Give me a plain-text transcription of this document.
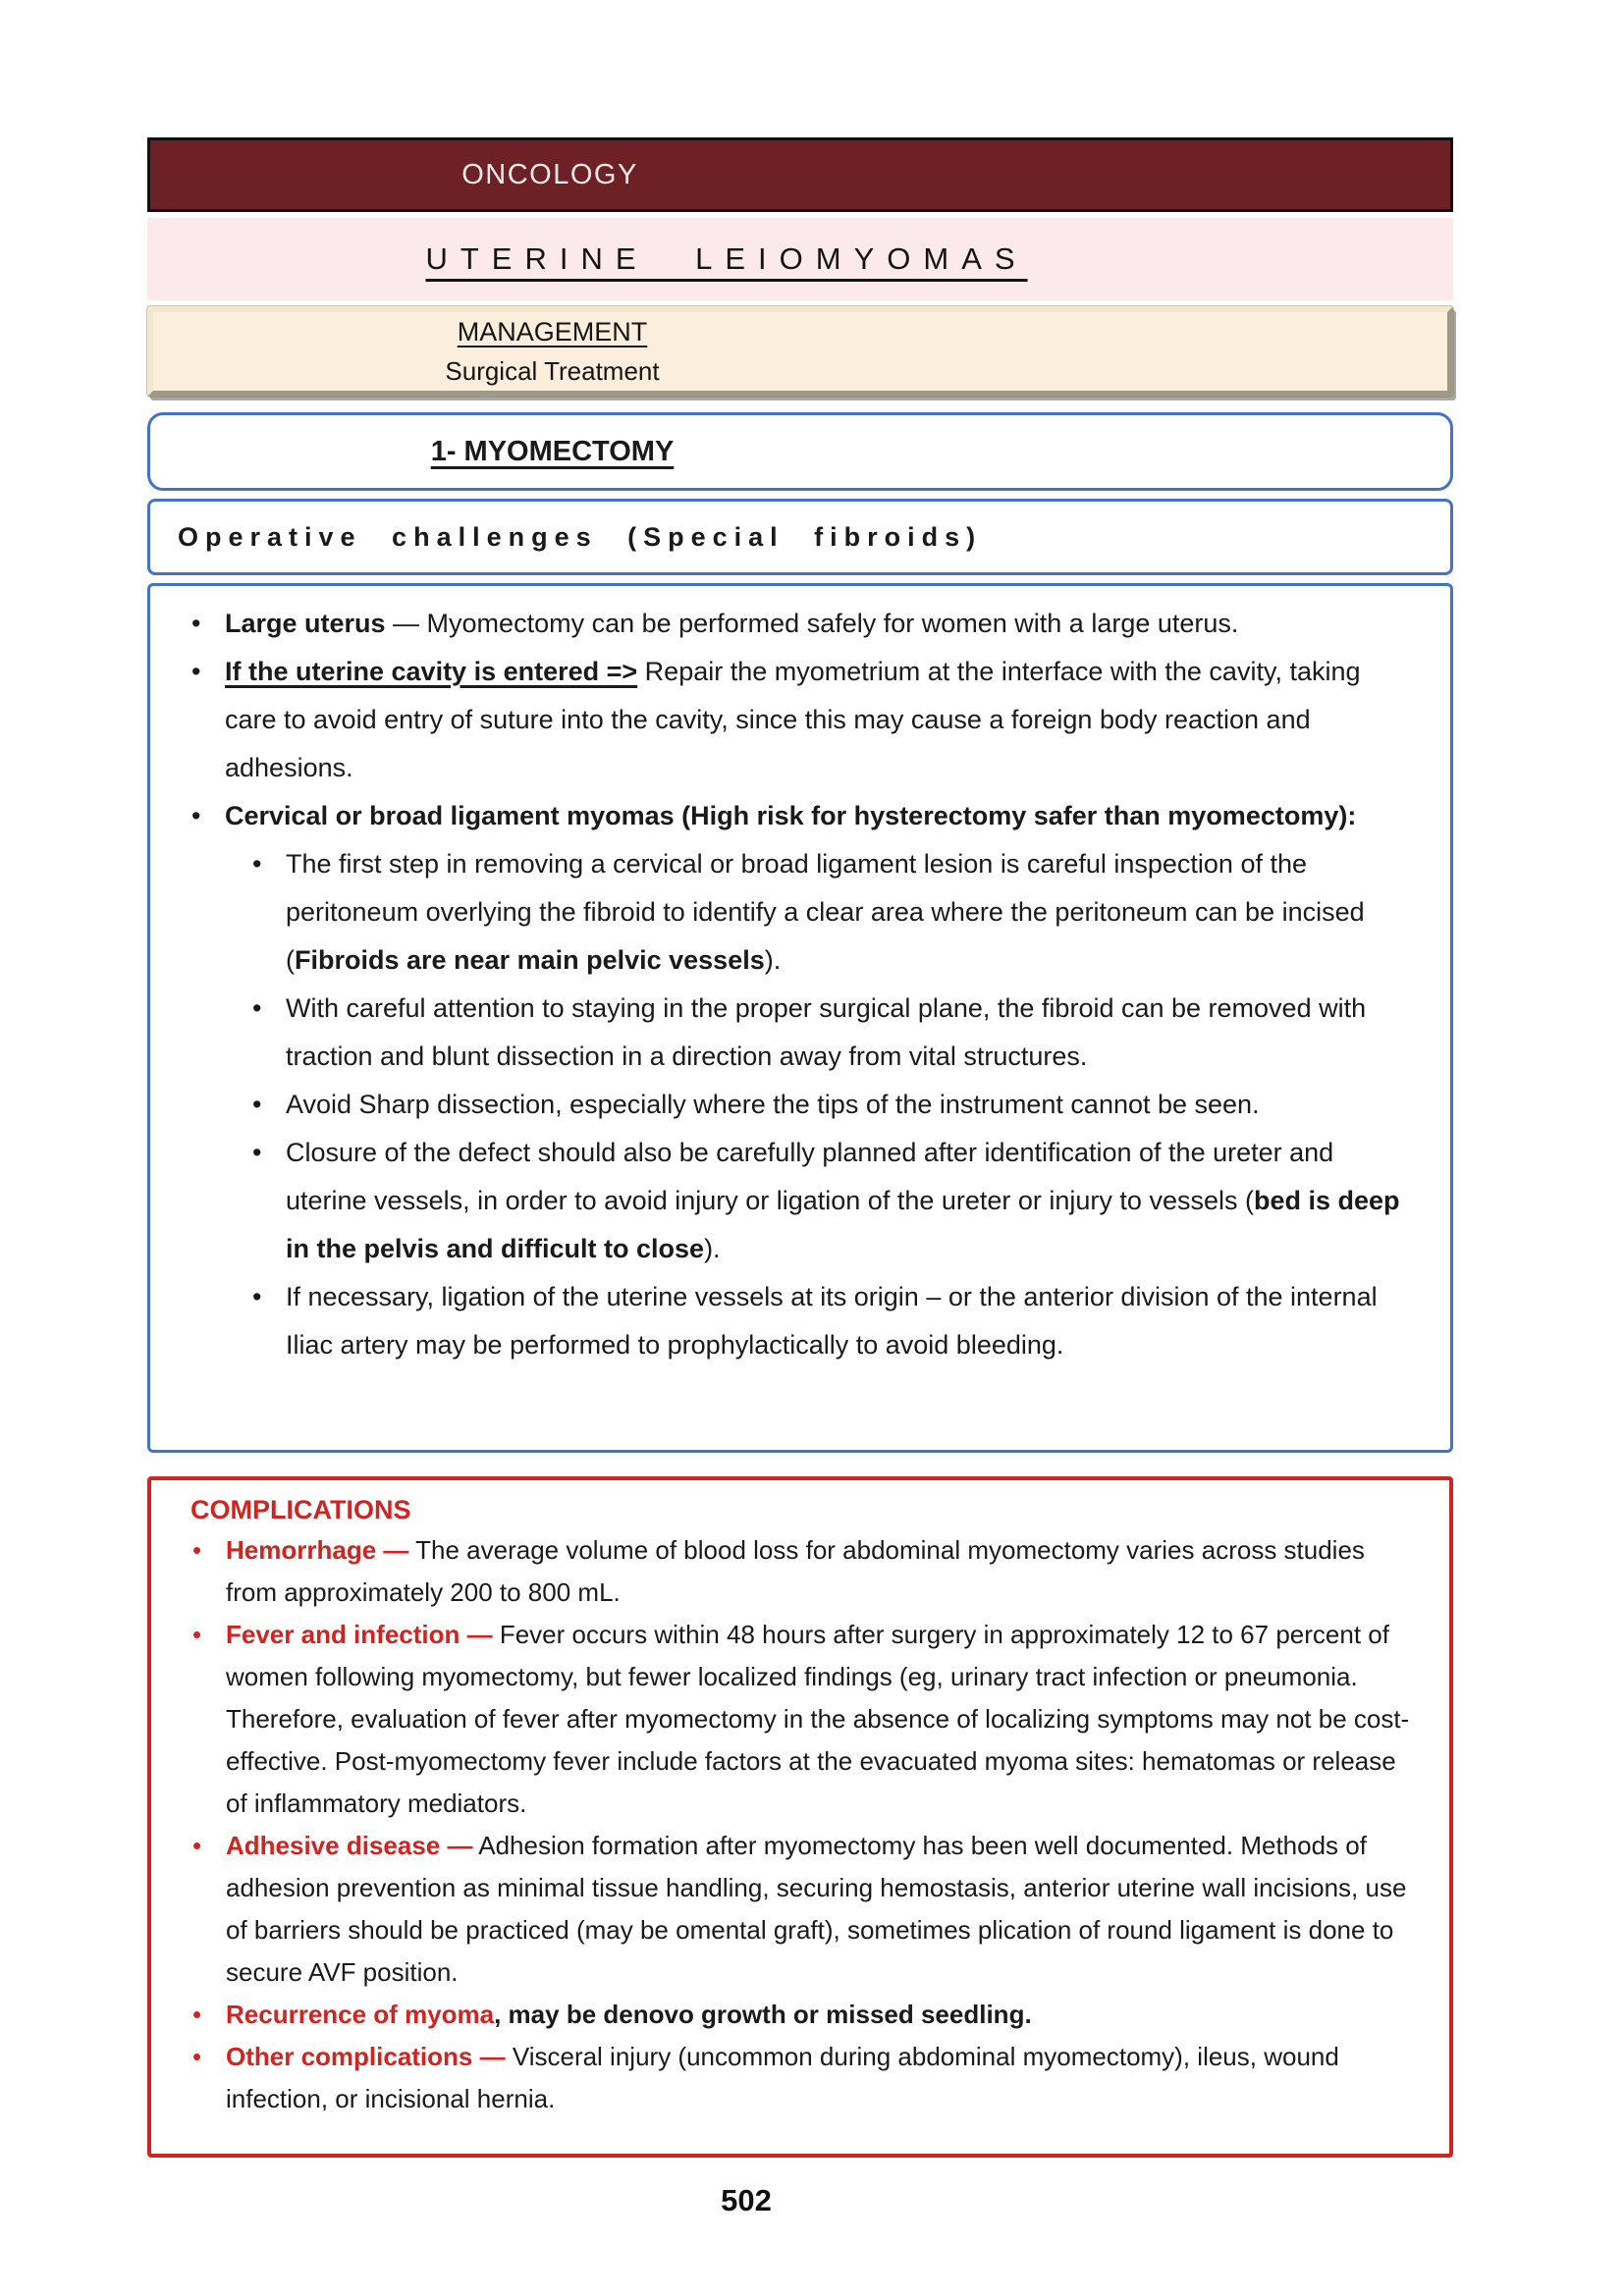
ONCOLOGY
UTERINE LEIOMYOMAS
MANAGEMENT
Surgical Treatment
1- MYOMECTOMY
Operative challenges (Special fibroids)
• Large uterus — Myomectomy can be performed safely for women with a large uterus.
• If the uterine cavity is entered => Repair the myometrium at the interface with the cavity, taking care to avoid entry of suture into the cavity, since this may cause a foreign body reaction and adhesions.
• Cervical or broad ligament myomas (High risk for hysterectomy safer than myomectomy):
• The first step in removing a cervical or broad ligament lesion is careful inspection of the peritoneum overlying the fibroid to identify a clear area where the peritoneum can be incised (Fibroids are near main pelvic vessels).
• With careful attention to staying in the proper surgical plane, the fibroid can be removed with traction and blunt dissection in a direction away from vital structures.
• Avoid Sharp dissection, especially where the tips of the instrument cannot be seen.
• Closure of the defect should also be carefully planned after identification of the ureter and uterine vessels, in order to avoid injury or ligation of the ureter or injury to vessels (bed is deep in the pelvis and difficult to close).
• If necessary, ligation of the uterine vessels at its origin – or the anterior division of the internal Iliac artery may be performed to prophylactically to avoid bleeding.
COMPLICATIONS
• Hemorrhage — The average volume of blood loss for abdominal myomectomy varies across studies from approximately 200 to 800 mL.
• Fever and infection — Fever occurs within 48 hours after surgery in approximately 12 to 67 percent of women following myomectomy, but fewer localized findings (eg, urinary tract infection or pneumonia. Therefore, evaluation of fever after myomectomy in the absence of localizing symptoms may not be cost-effective. Post-myomectomy fever include factors at the evacuated myoma sites: hematomas or release of inflammatory mediators.
• Adhesive disease — Adhesion formation after myomectomy has been well documented. Methods of adhesion prevention as minimal tissue handling, securing hemostasis, anterior uterine wall incisions, use of barriers should be practiced (may be omental graft), sometimes plication of round ligament is done to secure AVF position.
• Recurrence of myoma, may be denovo growth or missed seedling.
• Other complications — Visceral injury (uncommon during abdominal myomectomy), ileus, wound infection, or incisional hernia.
502
